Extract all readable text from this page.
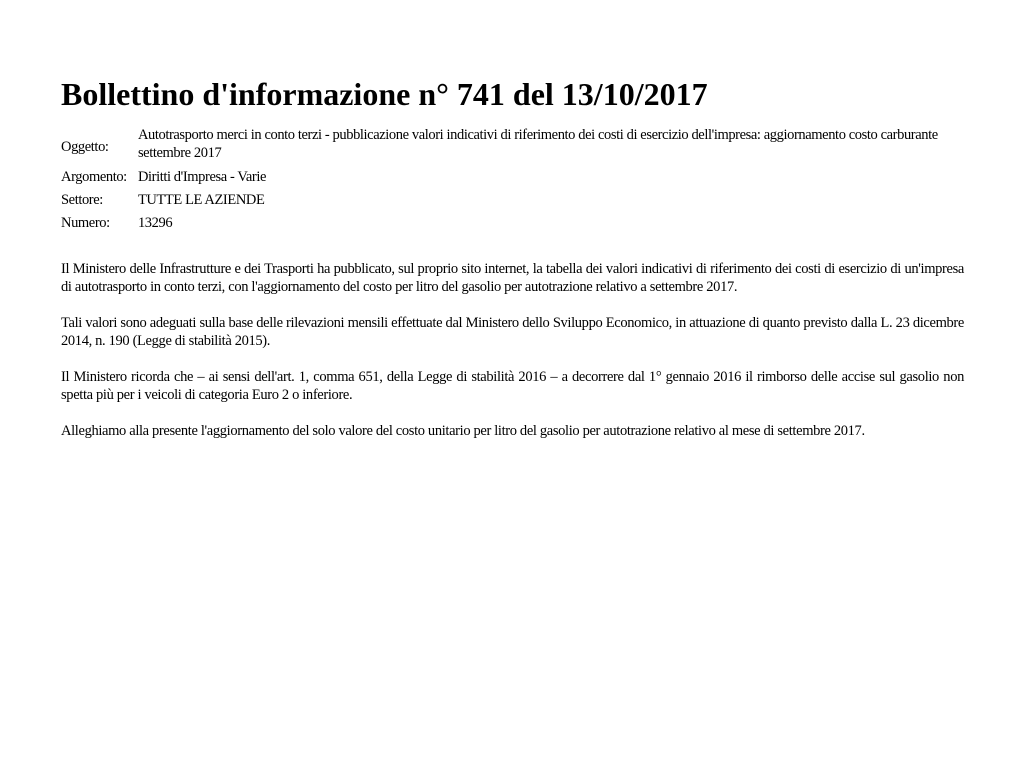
Bollettino d'informazione n° 741 del 13/10/2017
Oggetto:	Autotrasporto merci in conto terzi - pubblicazione valori indicativi di riferimento dei costi di esercizio dell'impresa: aggiornamento costo carburante settembre 2017
Argomento:	Diritti d'Impresa - Varie
Settore:	TUTTE LE AZIENDE
Numero:	13296

Il Ministero delle Infrastrutture e dei Trasporti ha pubblicato, sul proprio sito internet, la tabella dei valori indicativi di riferimento dei costi di esercizio di un'impresa di autotrasporto in conto terzi, con l'aggiornamento del costo per litro del gasolio per autotrazione relativo a settembre 2017.

Tali valori sono adeguati sulla base delle rilevazioni mensili effettuate dal Ministero dello Sviluppo Economico, in attuazione di quanto previsto dalla L. 23 dicembre 2014, n. 190 (Legge di stabilità 2015).

Il Ministero ricorda che – ai sensi dell'art. 1, comma 651, della Legge di stabilità 2016 – a decorrere dal 1° gennaio 2016 il rimborso delle accise sul gasolio non spetta più per i veicoli di categoria Euro 2 o inferiore.

Alleghiamo alla presente l'aggiornamento del solo valore del costo unitario per litro del gasolio per autotrazione relativo al mese di settembre 2017.
